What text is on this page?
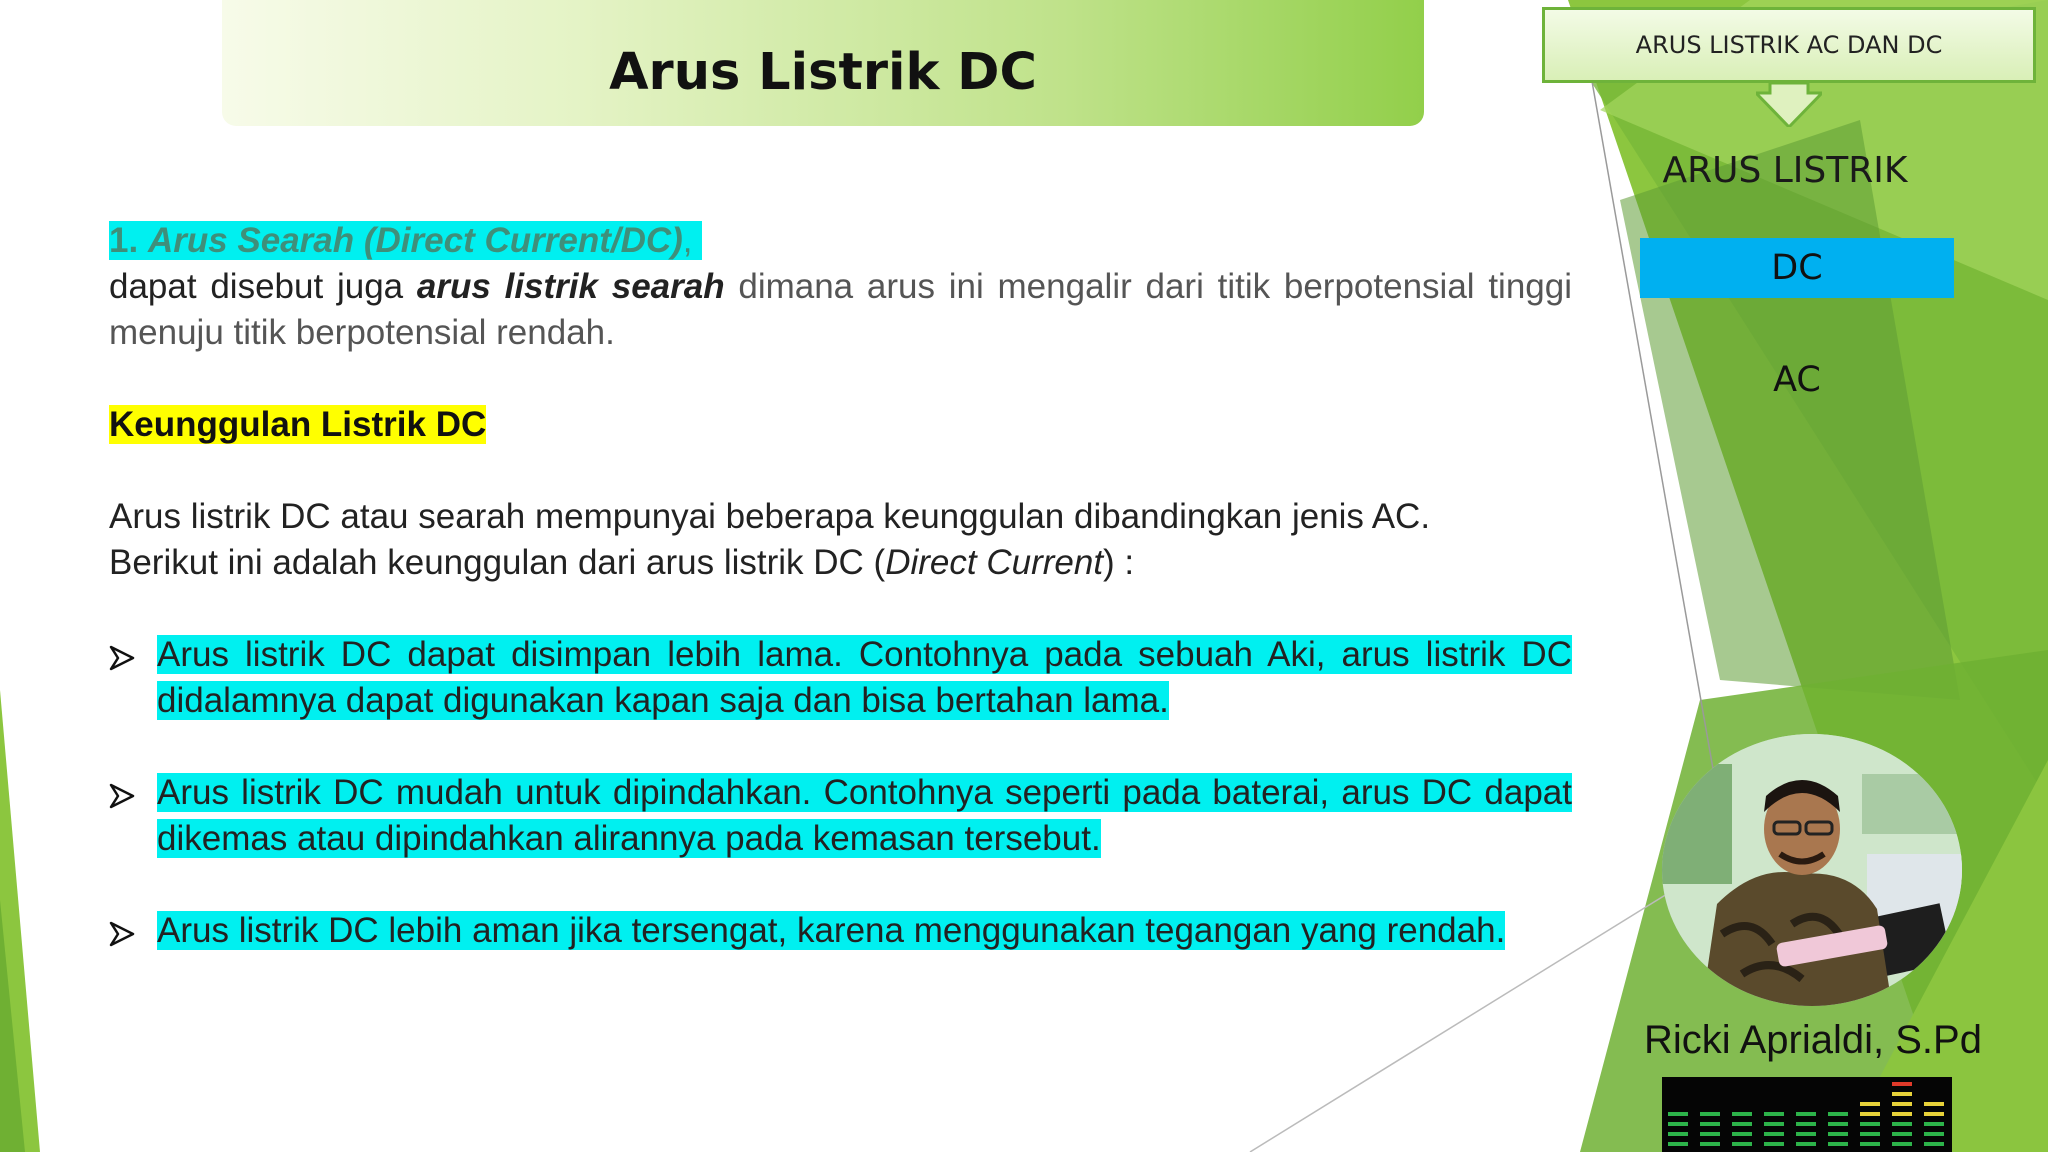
Arus Listrik DC

1. Arus Searah (Direct Current/DC),

dapat disebut juga arus listrik searah dimana arus ini mengalir dari titik berpotensial tinggi menuju titik berpotensial rendah.

Keunggulan Listrik DC

Arus listrik DC atau searah mempunyai beberapa keunggulan dibandingkan jenis AC.

Berikut ini adalah keunggulan dari arus listrik DC (Direct Current) :

Arus listrik DC dapat disimpan lebih lama. Contohnya pada sebuah Aki, arus listrik DC didalamnya dapat digunakan kapan saja dan bisa bertahan lama.
Arus listrik DC mudah untuk dipindahkan. Contohnya seperti pada baterai, arus DC dapat dikemas atau dipindahkan alirannya pada kemasan tersebut.
Arus listrik DC lebih aman jika tersengat, karena menggunakan tegangan yang rendah.
ARUS LISTRIK AC DAN DC
ARUS LISTRIK
DC
AC
Ricki Aprialdi, S.Pd
